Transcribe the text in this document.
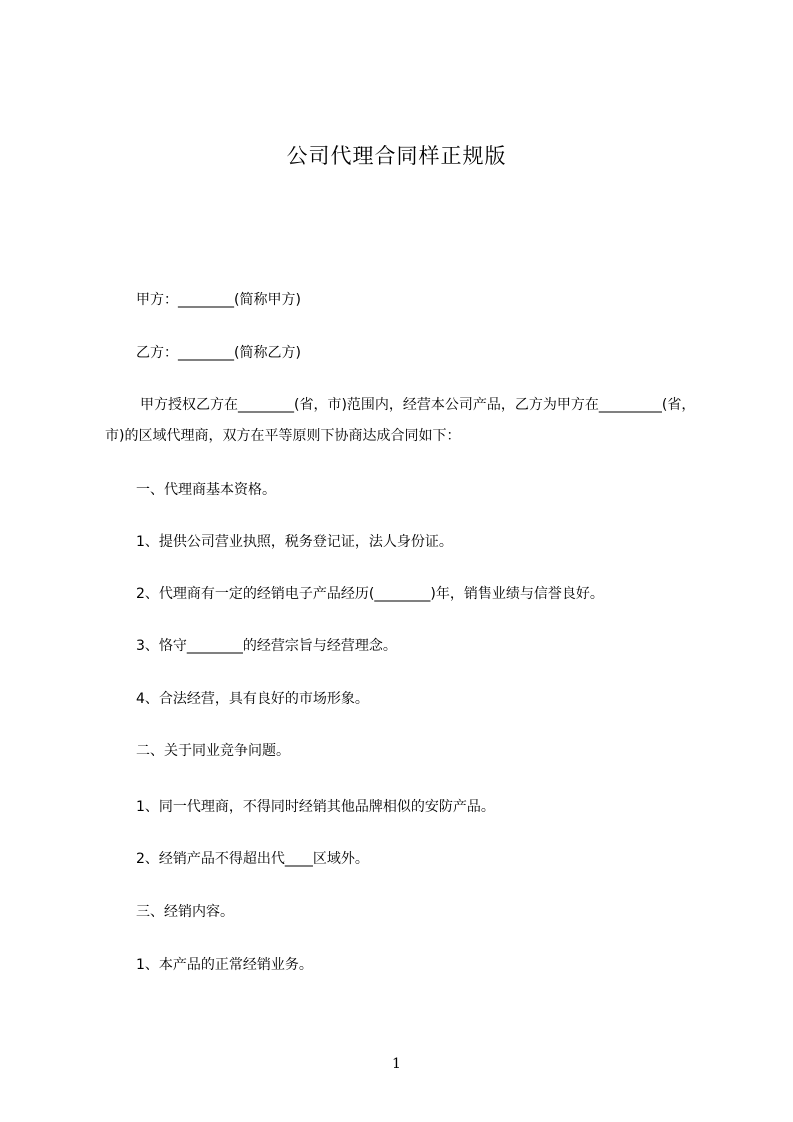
公司代理合同样正规版
甲方：________(简称甲方)
乙方：________(简称乙方)
甲方授权乙方在________(省，市)范围内，经营本公司产品，乙方为甲方在_________(省，市)的区域代理商，双方在平等原则下协商达成合同如下：
一、代理商基本资格。
1、提供公司营业执照，税务登记证，法人身份证。
2、代理商有一定的经销电子产品经历(________)年，销售业绩与信誉良好。
3、恪守________的经营宗旨与经营理念。
4、合法经营，具有良好的市场形象。
二、关于同业竞争问题。
1、同一代理商，不得同时经销其他品牌相似的安防产品。
2、经销产品不得超出代____区域外。
三、经销内容。
1、本产品的正常经销业务。
1
